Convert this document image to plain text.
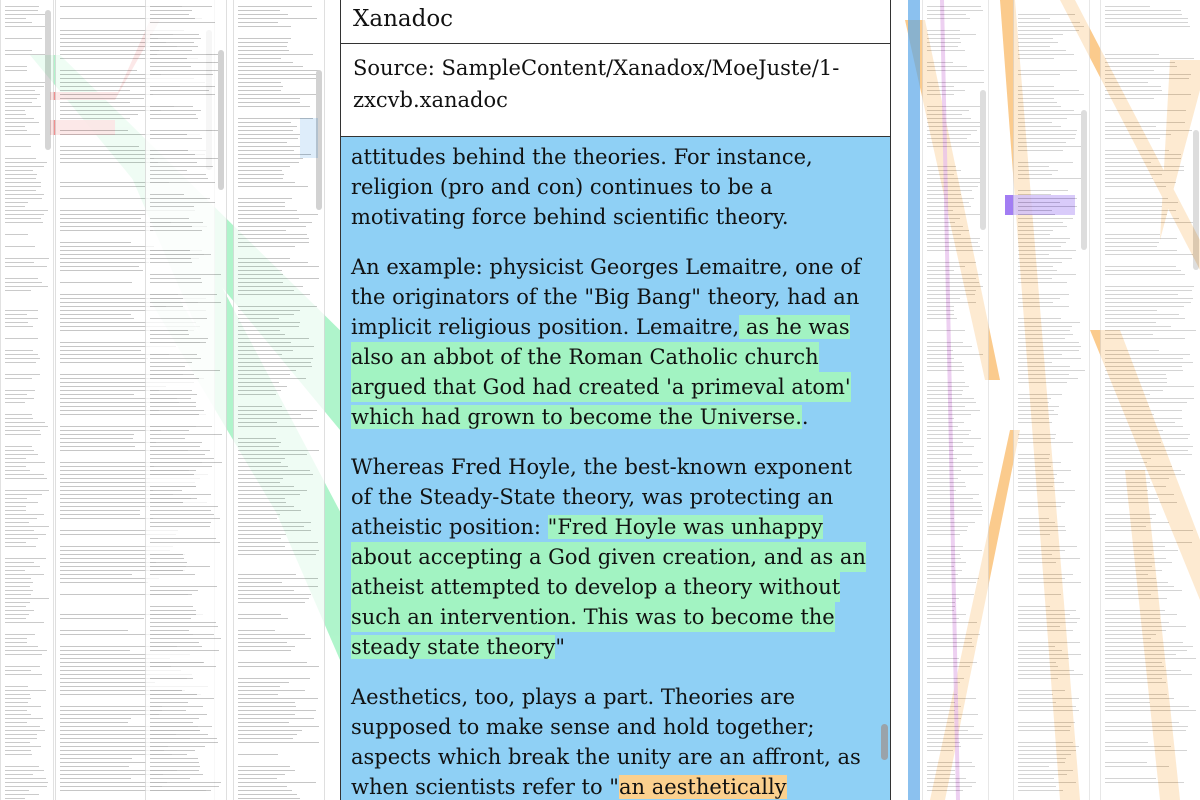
Xanadoc
Source: SampleContent/Xanadox/MoeJuste/1-
zxcvb.xanadoc
attitudes behind the theories. For instance,
religion (pro and con) continues to be a
motivating force behind scientific theory.
An example: physicist Georges Lemaitre, one of
the originators of the "Big Bang" theory, had an
implicit religious position. Lemaitre, as he was
also an abbot of the Roman Catholic church
argued that God had created 'a primeval atom'
which had grown to become the Universe..
Whereas Fred Hoyle, the best-known exponent
of the Steady-State theory, was protecting an
atheistic position: "Fred Hoyle was unhappy
about accepting a God given creation, and as an
atheist attempted to develop a theory without
such an intervention. This was to become the
steady state theory"
Aesthetics, too, plays a part. Theories are
supposed to make sense and hold together;
aspects which break the unity are an affront, as
when scientists refer to "an aesthetically
